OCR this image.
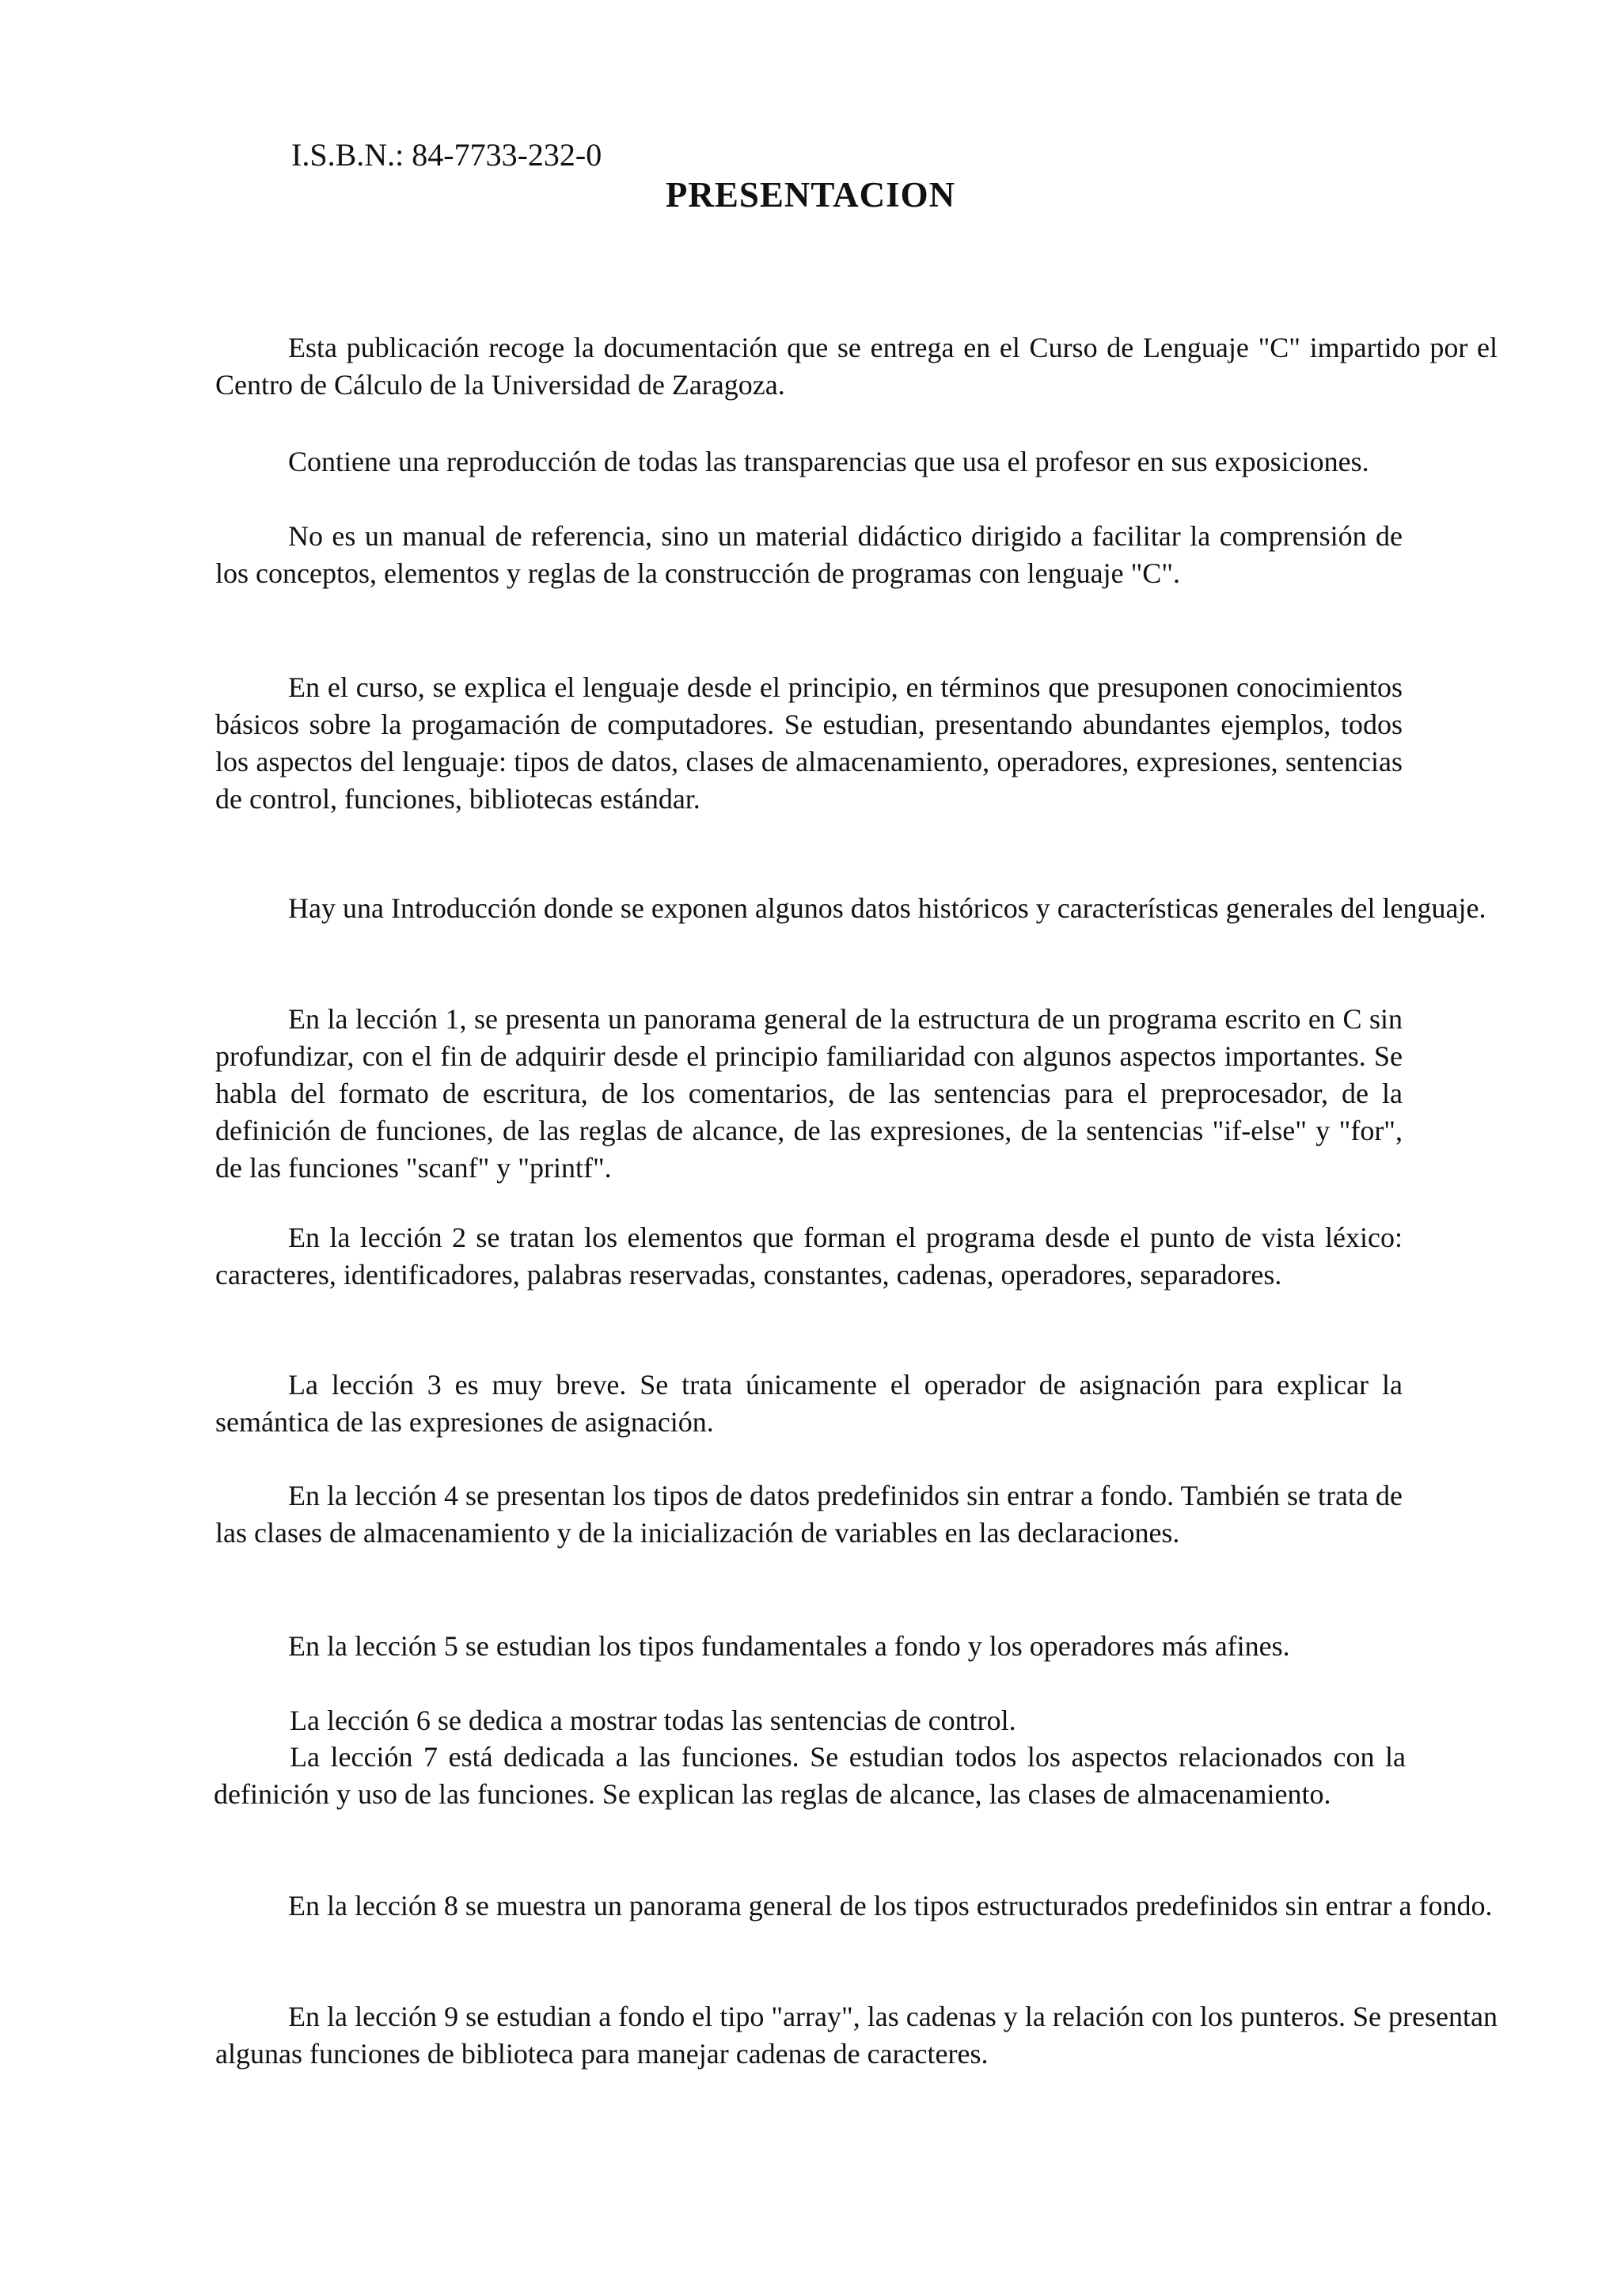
I.S.B.N.: 84-7733-232-0
PRESENTACION

Esta publicación recoge la documentación que se entrega en el Curso de Lenguaje "C" impartido por el Centro de Cálculo de la Universidad de Zaragoza.

Contiene una reproducción de todas las transparencias que usa el profesor en sus exposiciones.

No es un manual de referencia, sino un material didáctico dirigido a facilitar la comprensión de los conceptos, elementos y reglas de la construcción de programas con lenguaje "C".

En el curso, se explica el lenguaje desde el principio, en términos que presuponen conocimientos básicos sobre la progamación de computadores. Se estudian, presentando abundantes ejemplos, todos los aspectos del lenguaje: tipos de datos, clases de almacenamiento, operadores, expresiones, sentencias de control, funciones, bibliotecas estándar.

Hay una Introducción donde se exponen algunos datos históricos y características generales del lenguaje.

En la lección 1, se presenta un panorama general de la estructura de un programa escrito en C sin profundizar, con el fin de adquirir desde el principio familiaridad con algunos aspectos importantes. Se habla del formato de escritura, de los comentarios, de las sentencias para el preprocesador, de la definición de funciones, de las reglas de alcance, de las expresiones, de la sentencias "if-else" y "for", de las funciones "scanf" y "printf".

En la lección 2 se tratan los elementos que forman el programa desde el punto de vista léxico: caracteres, identificadores, palabras reservadas, constantes, cadenas, operadores, separadores.

La lección 3 es muy breve. Se trata únicamente el operador de asignación para explicar la semántica de las expresiones de asignación.

En la lección 4 se presentan los tipos de datos predefinidos sin entrar a fondo. También se trata de las clases de almacenamiento y de la inicialización de variables en las declaraciones.

En la lección 5 se estudian los tipos fundamentales a fondo y los operadores más afines.

La lección 6 se dedica a mostrar todas las sentencias de control.

La lección 7 está dedicada a las funciones. Se estudian todos los aspectos relacionados con la definición y uso de las funciones. Se explican las reglas de alcance, las clases de almacenamiento.

En la lección 8 se muestra un panorama general de los tipos estructurados predefinidos sin entrar a fondo.

En la lección 9 se estudian a fondo el tipo "array", las cadenas y la relación con los punteros. Se presentan algunas funciones de biblioteca para manejar cadenas de caracteres.
